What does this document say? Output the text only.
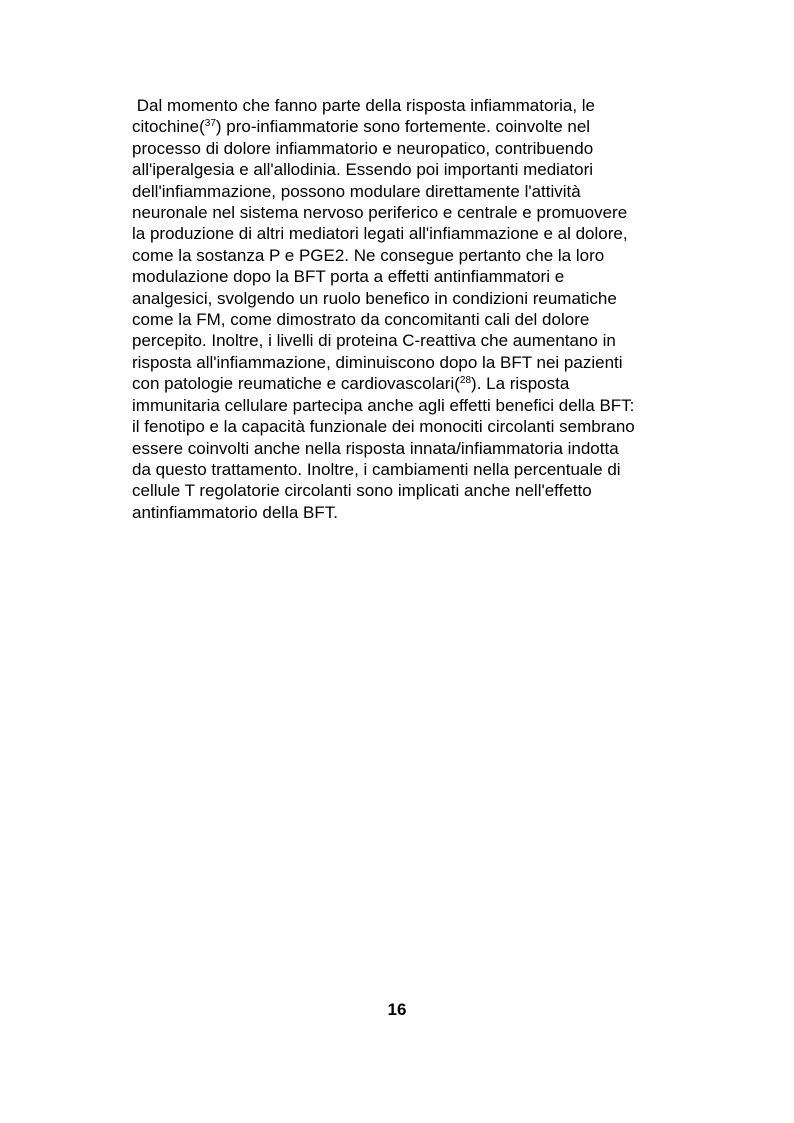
Dal momento che fanno parte della risposta infiammatoria, le
citochine($^{37}$) pro-infiammatorie sono fortemente. coinvolte nel
processo di dolore infiammatorio e neuropatico, contribuendo
all'iperalgesia e all'allodinia. Essendo poi importanti mediatori
dell'infiammazione, possono modulare direttamente l'attività
neuronale nel sistema nervoso periferico e centrale e promuovere
la produzione di altri mediatori legati all'infiammazione e al dolore,
come la sostanza P e PGE2. Ne consegue pertanto che la loro
modulazione dopo la BFT porta a effetti antinfiammatori e
analgesici, svolgendo un ruolo benefico in condizioni reumatiche
come la FM, come dimostrato da concomitanti cali del dolore
percepito. Inoltre, i livelli di proteina C-reattiva che aumentano in
risposta all'infiammazione, diminuiscono dopo la BFT nei pazienti
con patologie reumatiche e cardiovascolari($^{28}$). La risposta
immunitaria cellulare partecipa anche agli effetti benefici della BFT:
il fenotipo e la capacità funzionale dei monociti circolanti sembrano
essere coinvolti anche nella risposta innata/infiammatoria indotta
da questo trattamento. Inoltre, i cambiamenti nella percentuale di
cellule T regolatorie circolanti sono implicati anche nell'effetto
antinfiammatorio della BFT.
16
